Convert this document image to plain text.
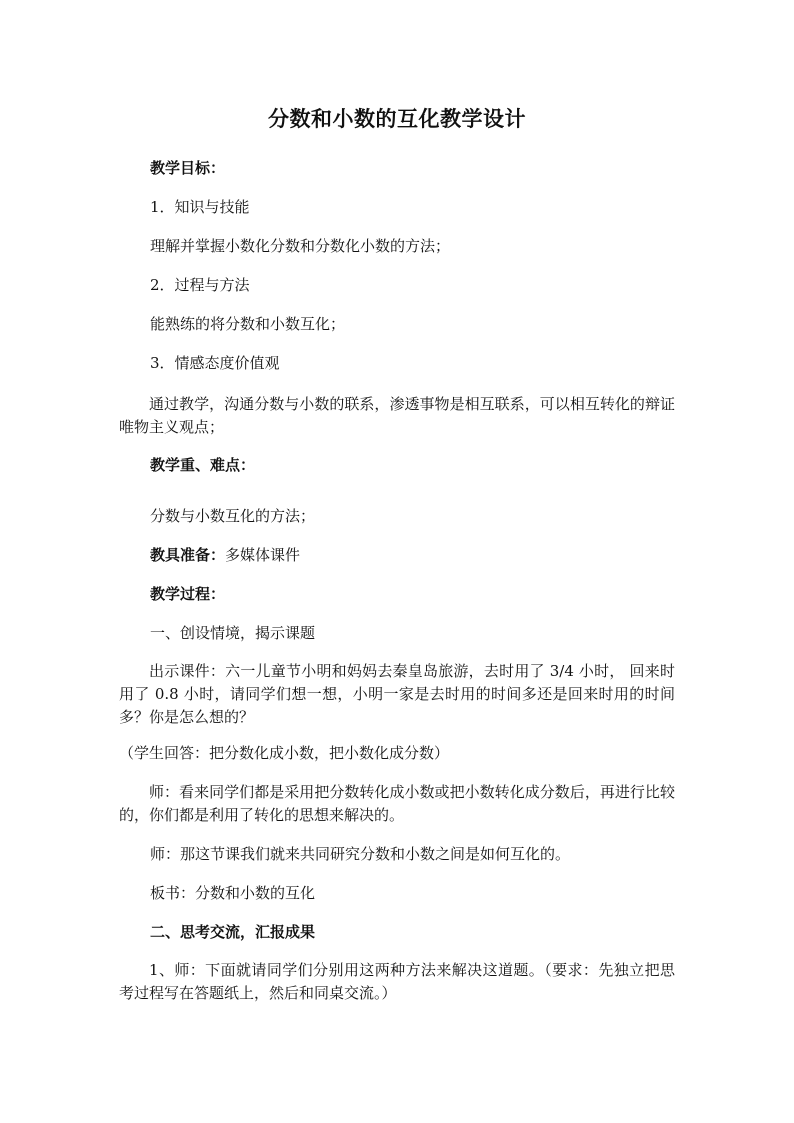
分数和小数的互化教学设计
教学目标：
1．知识与技能
理解并掌握小数化分数和分数化小数的方法；
2．过程与方法
能熟练的将分数和小数互化；
3．情感态度价值观
通过教学，沟通分数与小数的联系，渗透事物是相互联系，可以相互转化的辩证唯物主义观点；
教学重、难点：
分数与小数互化的方法；
教具准备：多媒体课件
教学过程：
一、创设情境，揭示课题
出示课件：六一儿童节小明和妈妈去秦皇岛旅游，去时用了 3/4 小时， 回来时用了 0.8 小时，请同学们想一想，小明一家是去时用的时间多还是回来时用的时间多？你是怎么想的？
（学生回答：把分数化成小数，把小数化成分数）
师：看来同学们都是采用把分数转化成小数或把小数转化成分数后，再进行比较的，你们都是利用了转化的思想来解决的。
师：那这节课我们就来共同研究分数和小数之间是如何互化的。
板书：分数和小数的互化
二、思考交流，汇报成果
1、师：下面就请同学们分别用这两种方法来解决这道题。（要求：先独立把思考过程写在答题纸上，然后和同桌交流。）
